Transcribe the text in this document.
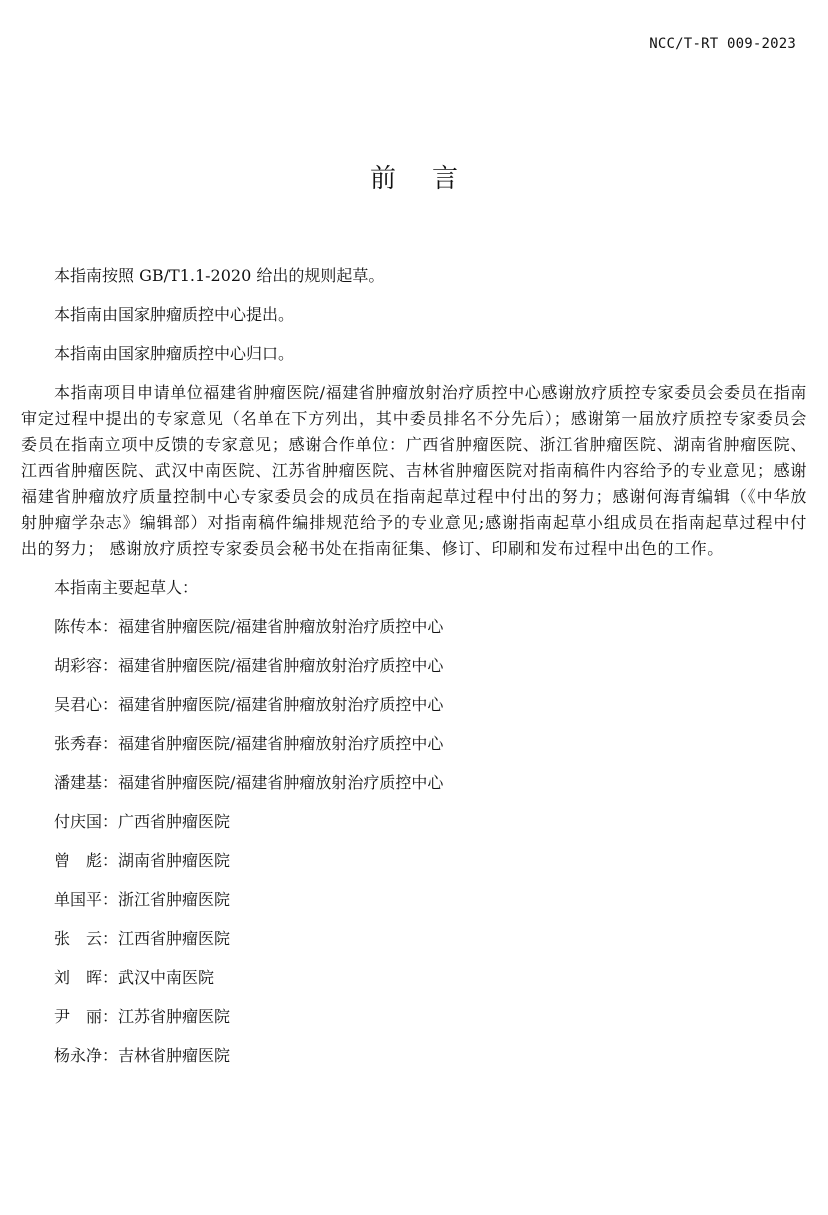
NCC/T-RT 009-2023
前言

本指南按照 GB/T1.1-2020 给出的规则起草。

本指南由国家肿瘤质控中心提出。

本指南由国家肿瘤质控中心归口。

本指南项目申请单位福建省肿瘤医院/福建省肿瘤放射治疗质控中心感谢放疗质控专家委员会委员在指南审定过程中提出的专家意见（名单在下方列出，其中委员排名不分先后）；感谢第一届放疗质控专家委员会委员在指南立项中反馈的专家意见；感谢合作单位：广西省肿瘤医院、浙江省肿瘤医院、湖南省肿瘤医院、江西省肿瘤医院、武汉中南医院、江苏省肿瘤医院、吉林省肿瘤医院对指南稿件内容给予的专业意见；感谢福建省肿瘤放疗质量控制中心专家委员会的成员在指南起草过程中付出的努力；感谢何海青编辑（《中华放射肿瘤学杂志》编辑部）对指南稿件编排规范给予的专业意见;感谢指南起草小组成员在指南起草过程中付出的努力； 感谢放疗质控专家委员会秘书处在指南征集、修订、印刷和发布过程中出色的工作。

本指南主要起草人：

陈传本：福建省肿瘤医院/福建省肿瘤放射治疗质控中心
胡彩容：福建省肿瘤医院/福建省肿瘤放射治疗质控中心
吴君心：福建省肿瘤医院/福建省肿瘤放射治疗质控中心
张秀春：福建省肿瘤医院/福建省肿瘤放射治疗质控中心
潘建基：福建省肿瘤医院/福建省肿瘤放射治疗质控中心
付庆国：广西省肿瘤医院
曾　彪：湖南省肿瘤医院
单国平：浙江省肿瘤医院
张　云：江西省肿瘤医院
刘　晖：武汉中南医院
尹　丽：江苏省肿瘤医院
杨永净：吉林省肿瘤医院
